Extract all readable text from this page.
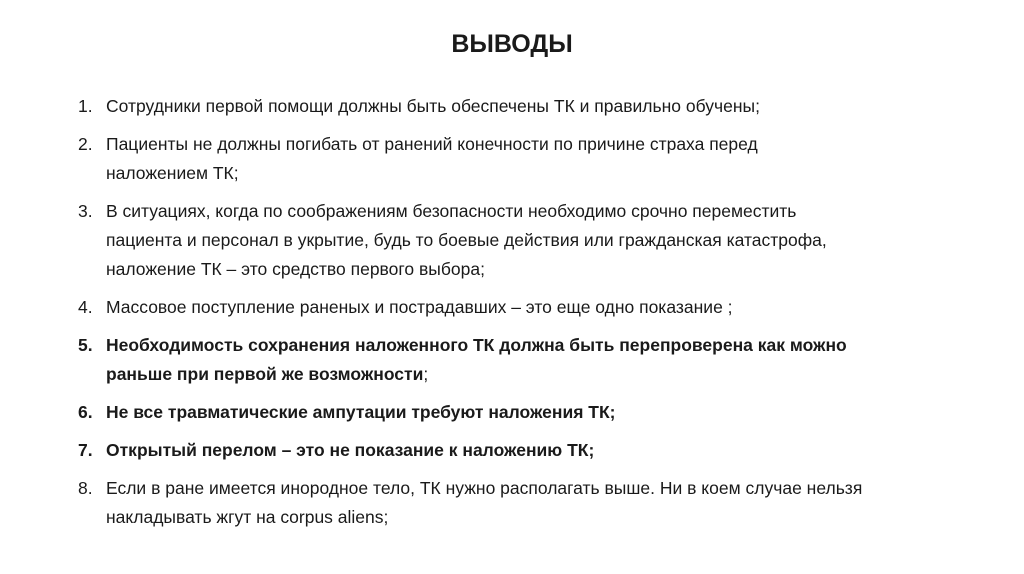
ВЫВОДЫ
1. Сотрудники первой помощи должны быть обеспечены ТК и правильно обучены;
2. Пациенты не должны погибать от ранений конечности по причине страха перед
наложением ТК;
3. В ситуациях, когда по соображениям безопасности необходимо срочно переместить
пациента и персонал в укрытие, будь то боевые действия или гражданская катастрофа,
наложение ТК – это средство первого выбора;
4. Массовое поступление раненых и пострадавших – это еще одно показание ;
5. Необходимость сохранения наложенного ТК должна быть перепроверена как можно
раньше при первой же возможности;
6. Не все травматические ампутации требуют наложения ТК;
7. Открытый перелом – это не показание к наложению ТК;
8. Если в ране имеется инородное тело, ТК нужно располагать выше. Ни в коем случае нельзя
накладывать жгут на corpus aliens;
